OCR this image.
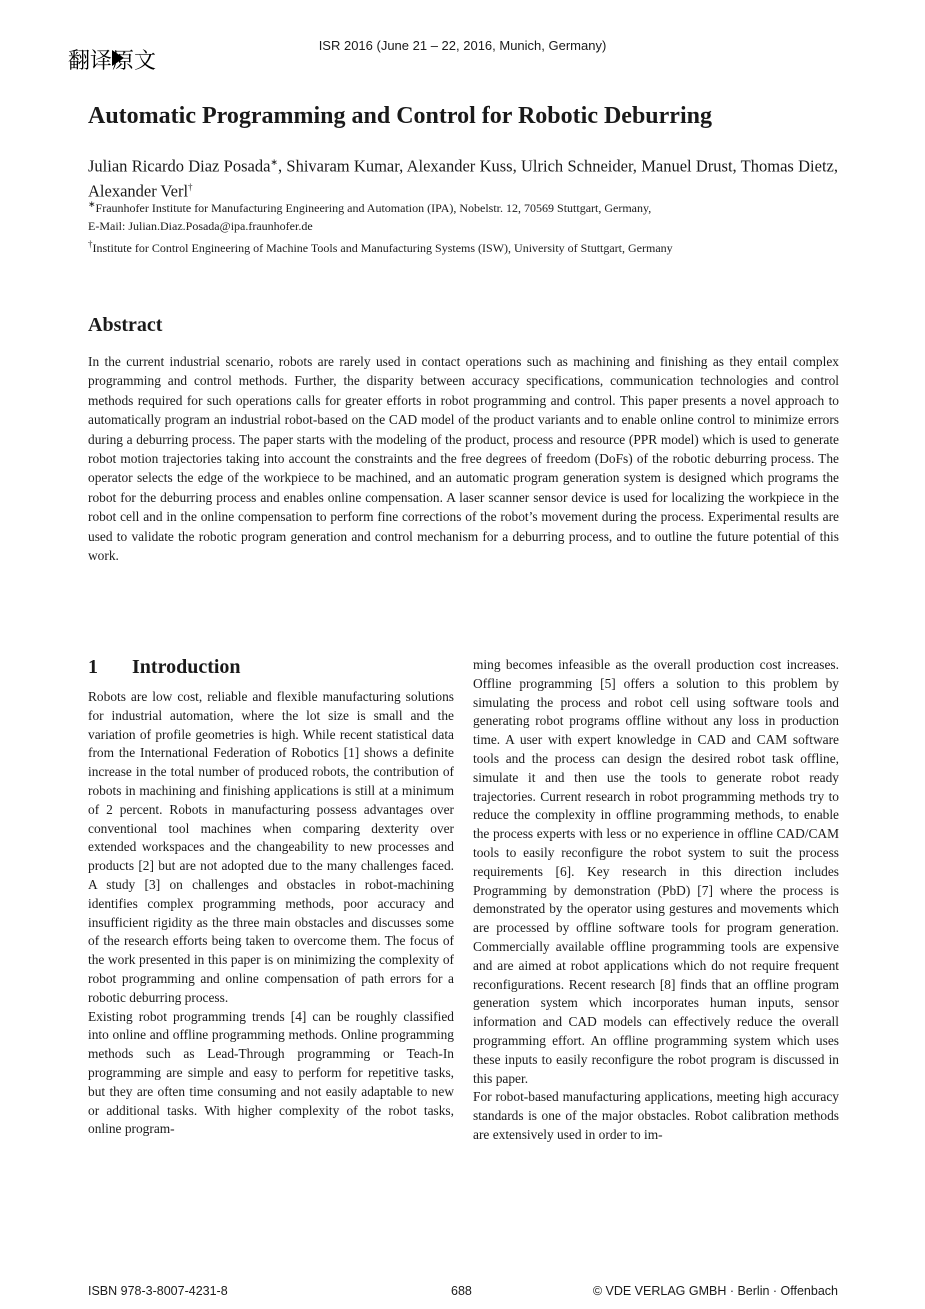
翻译原文
ISR 2016 (June 21 – 22, 2016, Munich, Germany)
Automatic Programming and Control for Robotic Deburring
Julian Ricardo Diaz Posada∗, Shivaram Kumar, Alexander Kuss, Ulrich Schneider, Manuel Drust, Thomas Dietz, Alexander Verl†
∗Fraunhofer Institute for Manufacturing Engineering and Automation (IPA), Nobelstr. 12, 70569 Stuttgart, Germany,
E-Mail: Julian.Diaz.Posada@ipa.fraunhofer.de
†Institute for Control Engineering of Machine Tools and Manufacturing Systems (ISW), University of Stuttgart, Germany
Abstract

In the current industrial scenario, robots are rarely used in contact operations such as machining and finishing as they entail complex programming and control methods. Further, the disparity between accuracy specifications, communication technologies and control methods required for such operations calls for greater efforts in robot programming and control. This paper presents a novel approach to automatically program an industrial robot-based on the CAD model of the product variants and to enable online control to minimize errors during a deburring process. The paper starts with the modeling of the product, process and resource (PPR model) which is used to generate robot motion trajectories taking into account the constraints and the free degrees of freedom (DoFs) of the robotic deburring process. The operator selects the edge of the workpiece to be machined, and an automatic program generation system is designed which programs the robot for the deburring process and enables online compensation. A laser scanner sensor device is used for localizing the workpiece in the robot cell and in the online compensation to perform fine corrections of the robot’s movement during the process. Experimental results are used to validate the robotic program generation and control mechanism for a deburring process, and to outline the future potential of this work.

1 Introduction

Robots are low cost, reliable and flexible manufacturing solutions for industrial automation, where the lot size is small and the variation of profile geometries is high. While recent statistical data from the International Federation of Robotics [1] shows a definite increase in the total number of produced robots, the contribution of robots in machining and finishing applications is still at a minimum of 2 percent. Robots in manufacturing possess advantages over conventional tool machines when comparing dexterity over extended workspaces and the changeability to new processes and products [2] but are not adopted due to the many challenges faced. A study [3] on challenges and obstacles in robot-machining identifies complex programming methods, poor accuracy and insufficient rigidity as the three main obstacles and discusses some of the research efforts being taken to overcome them. The focus of the work presented in this paper is on minimizing the complexity of robot programming and online compensation of path errors for a robotic deburring process.

Existing robot programming trends [4] can be roughly classified into online and offline programming methods. Online programming methods such as Lead-Through programming or Teach-In programming are simple and easy to perform for repetitive tasks, but they are often time consuming and not easily adaptable to new or additional tasks. With higher complexity of the robot tasks, online program-

ming becomes infeasible as the overall production cost increases. Offline programming [5] offers a solution to this problem by simulating the process and robot cell using software tools and generating robot programs offline without any loss in production time. A user with expert knowledge in CAD and CAM software tools and the process can design the desired robot task offline, simulate it and then use the tools to generate robot ready trajectories. Current research in robot programming methods try to reduce the complexity in offline programming methods, to enable the process experts with less or no experience in offline CAD/CAM tools to easily reconfigure the robot system to suit the process requirements [6]. Key research in this direction includes Programming by demonstration (PbD) [7] where the process is demonstrated by the operator using gestures and movements which are processed by offline software tools for program generation. Commercially available offline programming tools are expensive and are aimed at robot applications which do not require frequent reconfigurations. Recent research [8] finds that an offline program generation system which incorporates human inputs, sensor information and CAD models can effectively reduce the overall programming effort. An offline programming system which uses these inputs to easily reconfigure the robot program is discussed in this paper.

For robot-based manufacturing applications, meeting high accuracy standards is one of the major obstacles. Robot calibration methods are extensively used in order to im-

ISBN 978-3-8007-4231-8	688	© VDE VERLAG GMBH · Berlin · Offenbach
